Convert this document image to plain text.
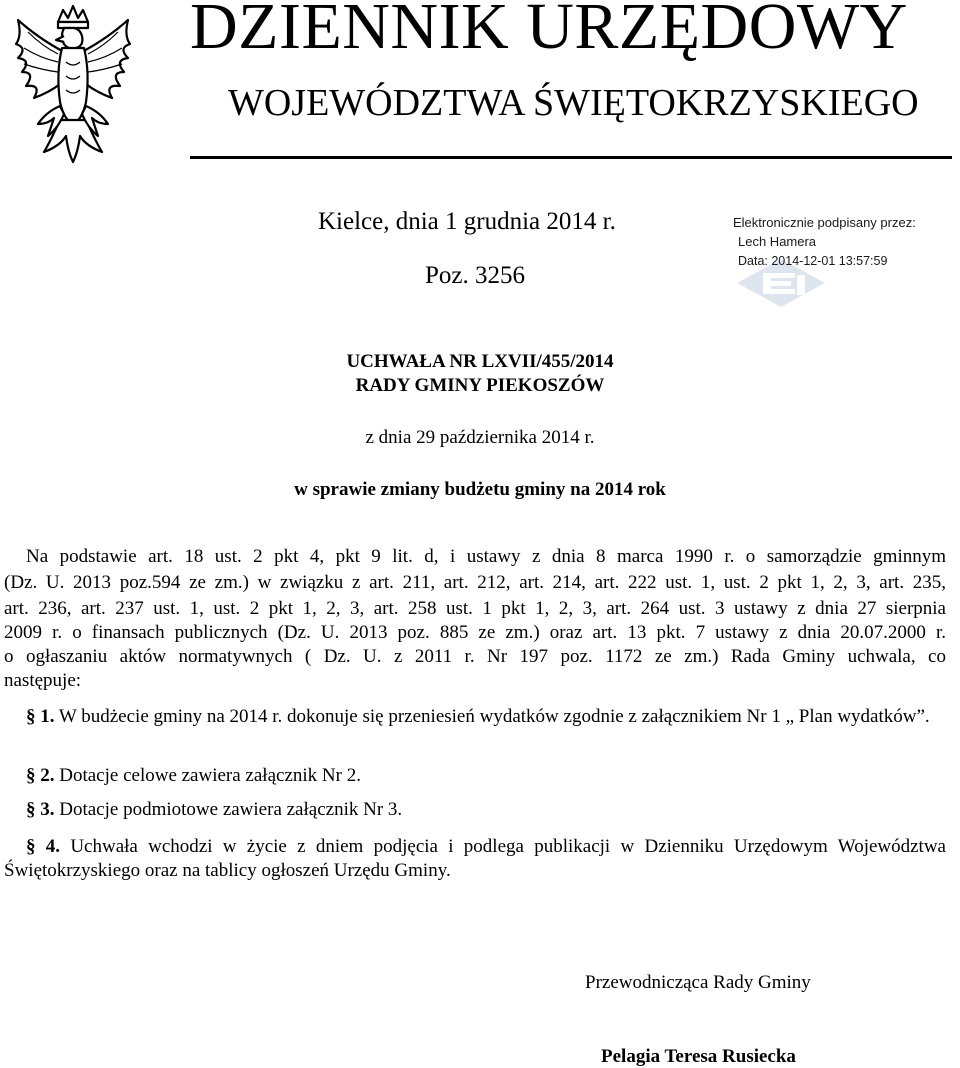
DZIENNIK URZĘDOWY
WOJEWÓDZTWA ŚWIĘTOKRZYSKIEGO
Kielce, dnia 1 grudnia 2014 r.
Poz. 3256
Elektronicznie podpisany przez:
Lech Hamera
Data: 2014-12-01 13:57:59
UCHWAŁA NR LXVII/455/2014
RADY GMINY PIEKOSZÓW
z dnia 29 października 2014 r.
w sprawie zmiany budżetu gminy na 2014 rok
Na podstawie art. 18 ust. 2 pkt 4, pkt 9 lit. d, i ustawy z dnia 8 marca 1990 r. o samorządzie gminnym
(Dz. U. 2013 poz.594 ze zm.) w związku z art. 211, art. 212, art. 214, art. 222 ust. 1, ust. 2 pkt 1, 2, 3, art. 235,
art. 236, art. 237 ust. 1, ust. 2 pkt 1, 2, 3, art. 258 ust. 1 pkt 1, 2, 3, art. 264 ust. 3 ustawy z dnia 27 sierpnia
2009 r. o finansach publicznych (Dz. U. 2013 poz. 885 ze zm.) oraz art. 13 pkt. 7 ustawy z dnia 20.07.2000 r.
o ogłaszaniu aktów normatywnych ( Dz. U. z 2011 r. Nr 197 poz. 1172 ze zm.) Rada Gminy uchwala, co
następuje:
§ 1. W budżecie gminy na 2014 r. dokonuje się przeniesień wydatków zgodnie z załącznikiem Nr 1 „ Plan wydatków”.
§ 2. Dotacje celowe zawiera załącznik Nr 2.
§ 3. Dotacje podmiotowe zawiera załącznik Nr 3.
§ 4. Uchwała wchodzi w życie z dniem podjęcia i podlega publikacji w Dzienniku Urzędowym Województwa Świętokrzyskiego oraz na tablicy ogłoszeń Urzędu Gminy.
Przewodnicząca Rady Gminy
Pelagia Teresa Rusiecka
